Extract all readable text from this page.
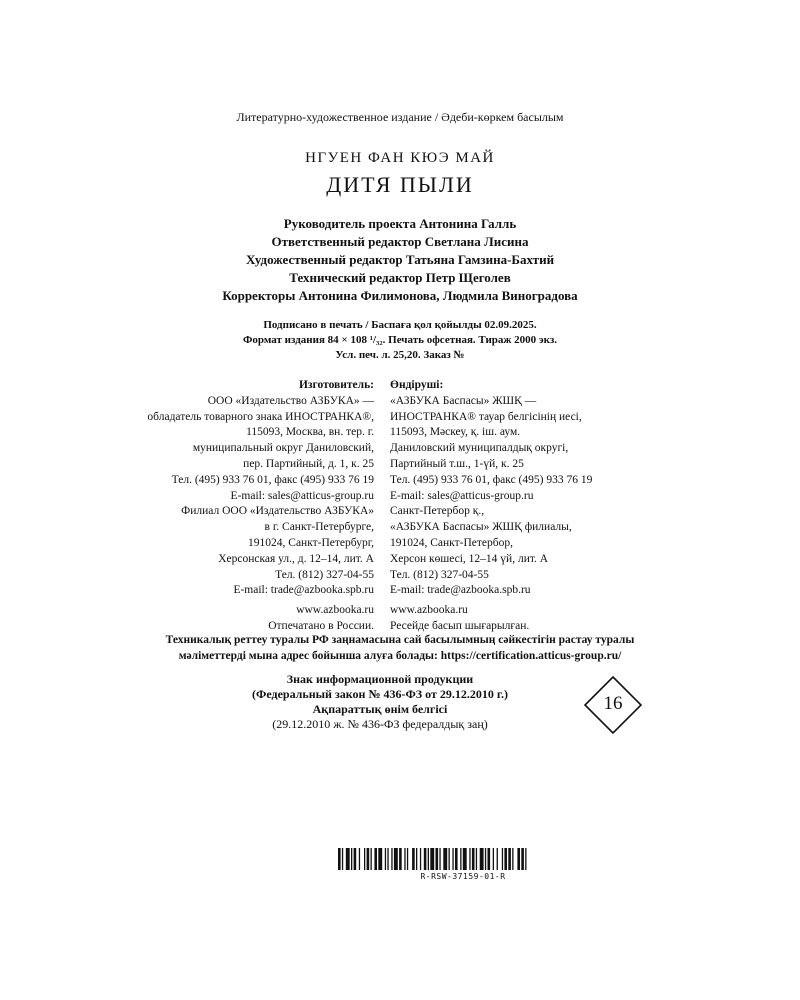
Литературно-художественное издание / Әдеби-көркем басылым
НГУЕН ФАН КЮЭ МАЙ
ДИТЯ ПЫЛИ
Руководитель проекта Антонина Галль
Ответственный редактор Светлана Лисина
Художественный редактор Татьяна Гамзина-Бахтий
Технический редактор Петр Щеголев
Корректоры Антонина Филимонова, Людмила Виноградова
Подписано в печать / Баспаға қол қойылды 02.09.2025.
Формат издания 84 × 108 ¹/₃₂. Печать офсетная. Тираж 2000 экз.
Усл. печ. л. 25,20. Заказ №
Изготовитель:
ООО «Издательство АЗБУКА» —
обладатель товарного знака ИНОСТРАНКА®,
115093, Москва, вн. тер. г.
муниципальный округ Даниловский,
пер. Партийный, д. 1, к. 25
Тел. (495) 933 76 01, факс (495) 933 76 19
E-mail: sales@atticus-group.ru
Филиал ООО «Издательство АЗБУКА»
в г. Санкт-Петербурге,
191024, Санкт-Петербург,
Херсонская ул., д. 12–14, лит. А
Тел. (812) 327-04-55
E-mail: trade@azbooka.spb.ru
www.azbooka.ru
Отпечатано в России.
Өндіруші:
«АЗБУКА Баспасы» ЖШҚ —
ИНОСТРАНКА® тауар белгісінің иесі,
115093, Мәскеу, қ. іш. аум.
Даниловский муниципалдық округі,
Партийный т.ш., 1-үй, к. 25
Тел. (495) 933 76 01, факс (495) 933 76 19
E-mail: sales@atticus-group.ru
Санкт-Петербор қ.,
«АЗБУКА Баспасы» ЖШҚ филиалы,
191024, Санкт-Петербор,
Херсон көшесі, 12–14 үй, лит. А
Тел. (812) 327-04-55
E-mail: trade@azbooka.spb.ru
www.azbooka.ru
Ресейде басып шығарылған.
Техникалық реттеу туралы РФ заңнамасына сай басылымның сәйкестігін растау туралы
мәліметтерді мына адрес бойынша алуға болады: https://certification.atticus-group.ru/
Знак информационной продукции
(Федеральный закон № 436-ФЗ от 29.12.2010 г.)
Ақпараттық өнім белгісі
(29.12.2010 ж. № 436-ФЗ федералдық заң)
16
R-RSW-37159-01-R
